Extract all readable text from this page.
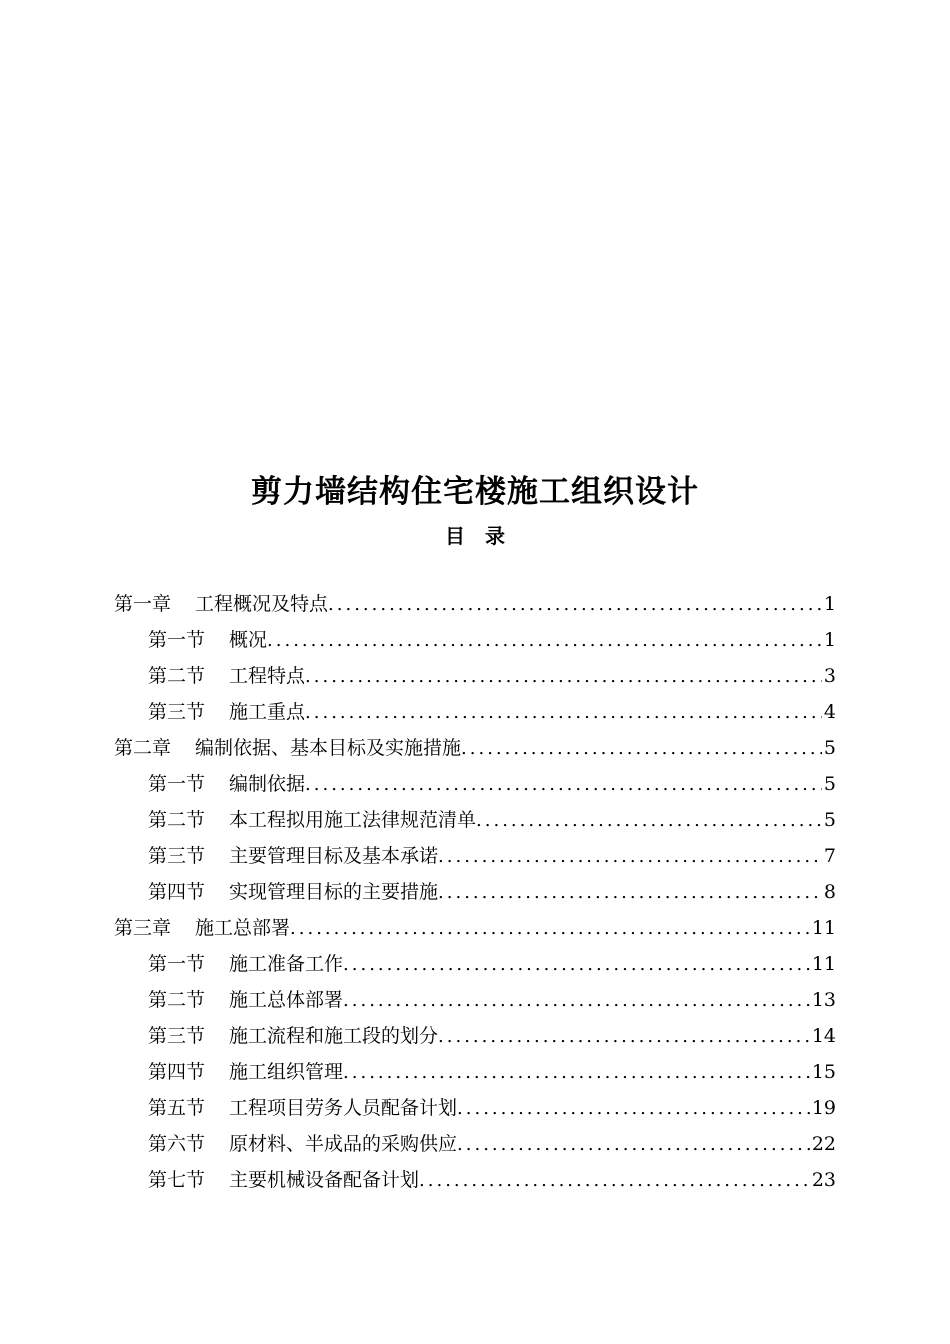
剪力墙结构住宅楼施工组织设计
目　录
第一章 工程概况及特点 .....	1
第一节 概况 .....	1
第二节 工程特点 .....	3
第三节 施工重点 .....	4
第二章 编制依据、基本目标及实施措施 .....	5
第一节 编制依据 .....	5
第二节 本工程拟用施工法律规范清单 .....	5
第三节 主要管理目标及基本承诺 .....	7
第四节 实现管理目标的主要措施 .....	8
第三章 施工总部署 .....	11
第一节 施工准备工作 .....	11
第二节 施工总体部署 .....	13
第三节 施工流程和施工段的划分 .....	14
第四节 施工组织管理 .....	15
第五节 工程项目劳务人员配备计划 .....	19
第六节 原材料、半成品的采购供应 .....	22
第七节 主要机械设备配备计划 .....	23
